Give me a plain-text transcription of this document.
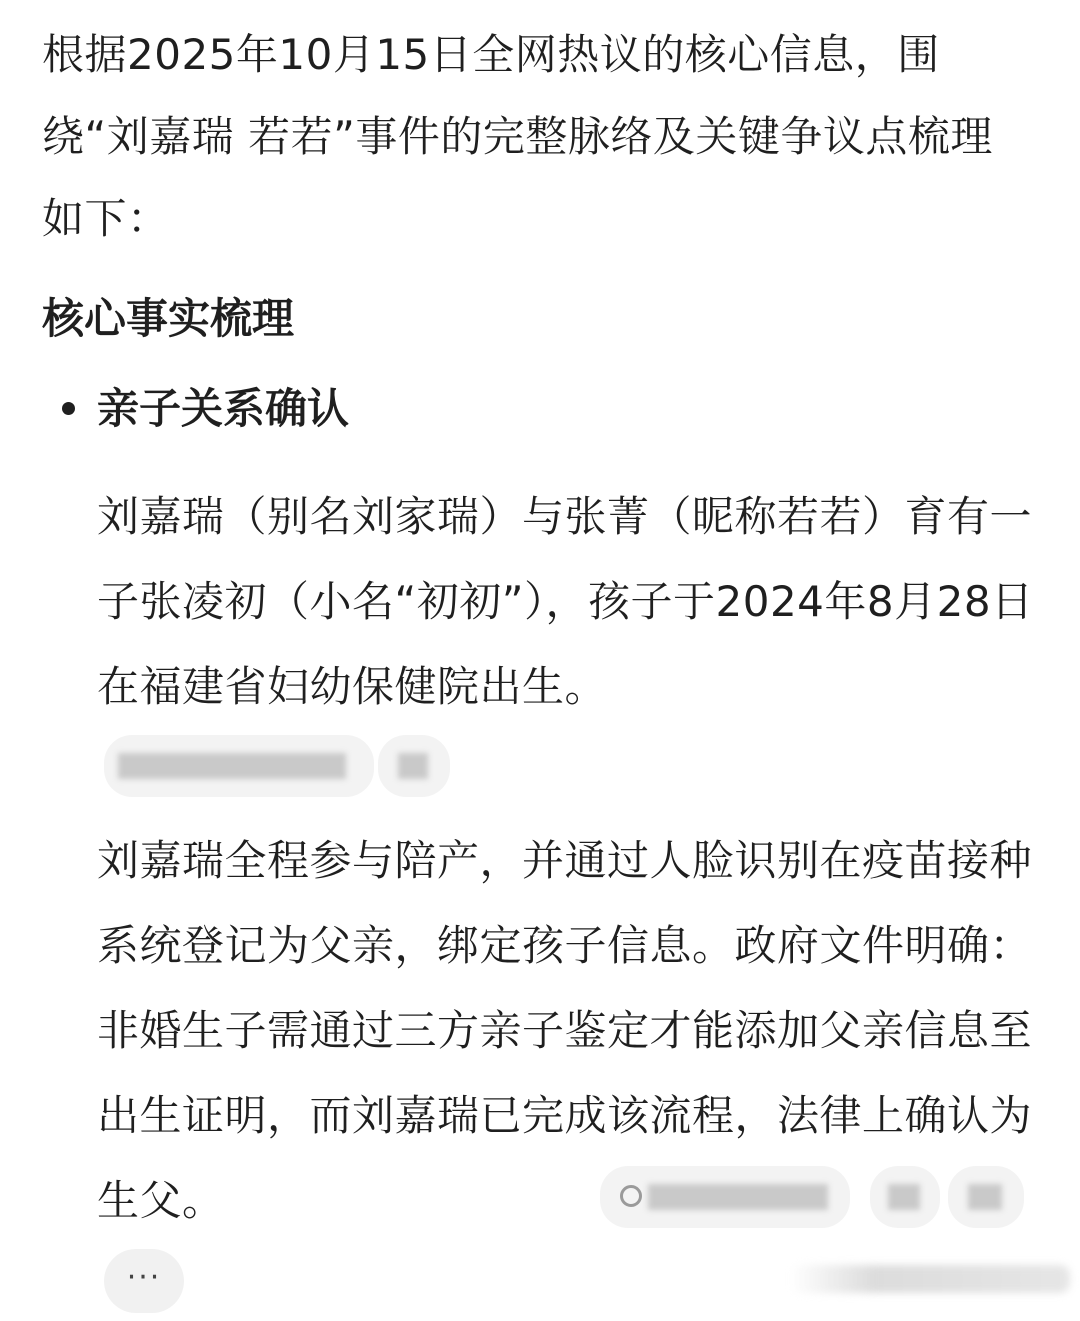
根据2025年10月15日全网热议的核心信息，围绕“刘嘉瑞 若若”事件的完整脉络及关键争议点梳理如下：
核心事实梳理
亲子关系确认
刘嘉瑞（别名刘家瑞）与张菁（昵称若若）育有一子张凌初（小名“初初”），孩子于2024年8月28日在福建省妇幼保健院出生。
刘嘉瑞全程参与陪产，并通过人脸识别在疫苗接种系统登记为父亲，绑定孩子信息。政府文件明确：非婚生子需通过三方亲子鉴定才能添加父亲信息至出生证明，而刘嘉瑞已完成该流程，法律上确认为生父。
···
